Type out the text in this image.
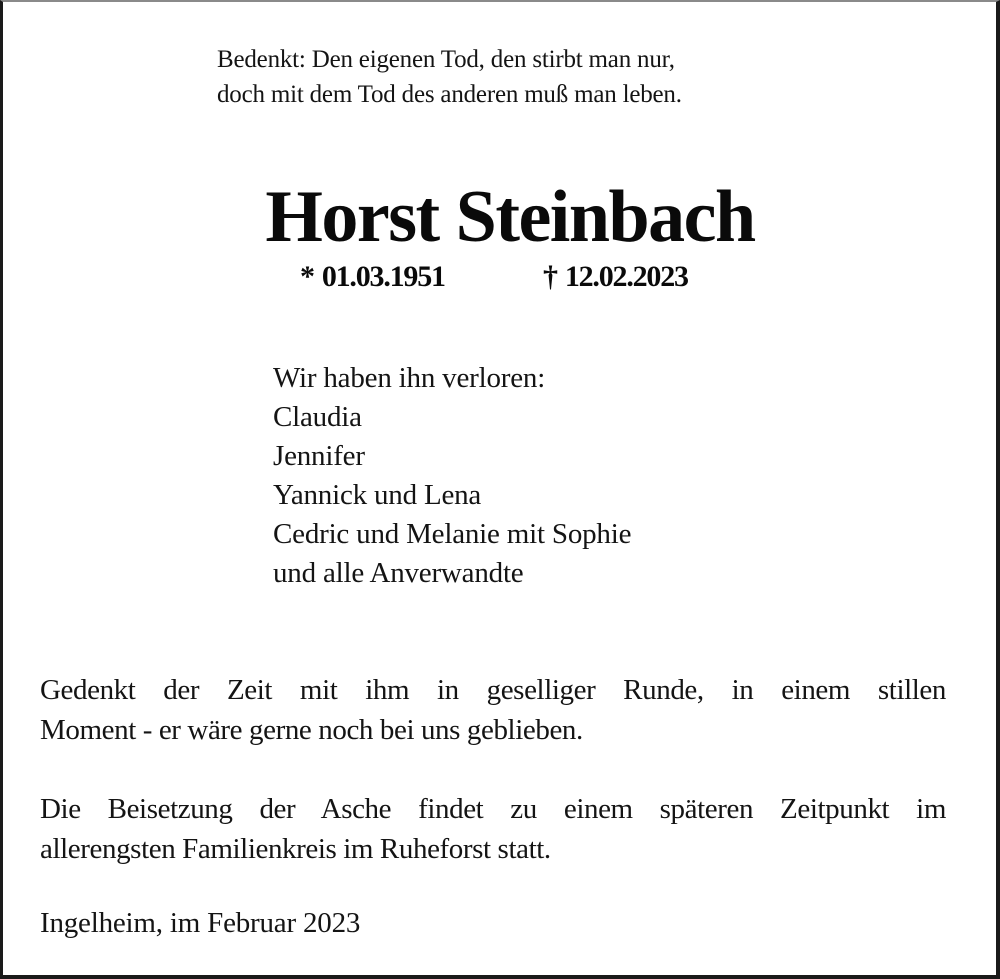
Bedenkt: Den eigenen Tod, den stirbt man nur,
doch mit dem Tod des anderen muß man leben.
Horst Steinbach
* 01.03.1951	† 12.02.2023
Wir haben ihn verloren:
Claudia
Jennifer
Yannick und Lena
Cedric und Melanie mit Sophie
und alle Anverwandte
Gedenkt der Zeit mit ihm in geselliger Runde, in einem stillen
Moment - er wäre gerne noch bei uns geblieben.
Die Beisetzung der Asche findet zu einem späteren Zeitpunkt im
allerengsten Familienkreis im Ruheforst statt.
Ingelheim, im Februar 2023
